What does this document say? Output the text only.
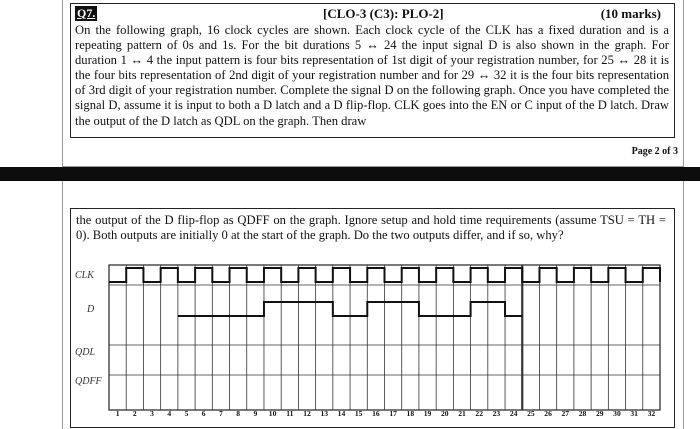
Q7.	[CLO-3 (C3): PLO-2]	(10 marks)

On the following graph, 16 clock cycles are shown. Each clock cycle of the CLK has a fixed duration and is a repeating pattern of 0s and 1s. For the bit durations 5 ↔ 24 the input signal D is also shown in the graph. For duration 1 ↔ 4 the input pattern is four bits representation of 1st digit of your registration number, for 25 ↔ 28 it is the four bits representation of 2nd digit of your registration number and for 29 ↔ 32 it is the four bits representation of 3rd digit of your registration number. Complete the signal D on the following graph. Once you have completed the signal D, assume it is input to both a D latch and a D flip-flop. CLK goes into the EN or C input of the D latch. Draw the output of the D latch as QDL on the graph. Then draw

Page 2 of 3

the output of the D flip-flop as QDFF on the graph. Ignore setup and hold time requirements (assume TSU = TH = 0). Both outputs are initially 0 at the start of the graph. Do the two outputs differ, and if so, why?

CLK
D
QDL
QDFF
1 2 3 4 5 6 7 8 9 10 11 12 13 14 15 16 17 18 19 20 21 22 23 24 25 26 27 28 29 30 31 32
